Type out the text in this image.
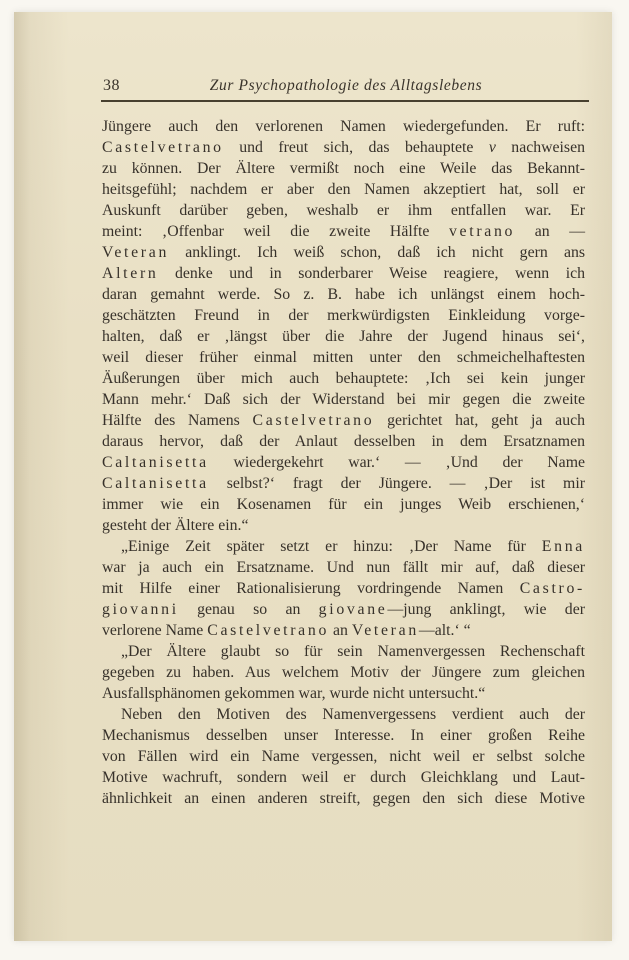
38	Zur Psychopathologie des Alltagslebens
Jüngere auch den verlorenen Namen wiedergefunden. Er ruft:
Castelvetrano und freut sich, das behauptete v nachweisen
zu können. Der Ältere vermißt noch eine Weile das Bekannt-
heitsgefühl; nachdem er aber den Namen akzeptiert hat, soll er
Auskunft darüber geben, weshalb er ihm entfallen war. Er
meint: ‚Offenbar weil die zweite Hälfte vetrano an —
Veteran anklingt. Ich weiß schon, daß ich nicht gern ans
Altern denke und in sonderbarer Weise reagiere, wenn ich
daran gemahnt werde. So z. B. habe ich unlängst einem hoch-
geschätzten Freund in der merkwürdigsten Einkleidung vorge-
halten, daß er ‚längst über die Jahre der Jugend hinaus sei‘,
weil dieser früher einmal mitten unter den schmeichelhaftesten
Äußerungen über mich auch behauptete: ‚Ich sei kein junger
Mann mehr.‘ Daß sich der Widerstand bei mir gegen die zweite
Hälfte des Namens Castelvetrano gerichtet hat, geht ja auch
daraus hervor, daß der Anlaut desselben in dem Ersatznamen
Caltanisetta wiedergekehrt war.‘ — ‚Und der Name
Caltanisetta selbst?‘ fragt der Jüngere. — ‚Der ist mir
immer wie ein Kosenamen für ein junges Weib erschienen,‘
gesteht der Ältere ein.“
„Einige Zeit später setzt er hinzu: ‚Der Name für Enna
war ja auch ein Ersatzname. Und nun fällt mir auf, daß dieser
mit Hilfe einer Rationalisierung vordringende Namen Castro-
giovanni genau so an giovane—jung anklingt, wie der
verlorene Name Castelvetrano an Veteran—alt.‘ “
„Der Ältere glaubt so für sein Namenvergessen Rechenschaft
gegeben zu haben. Aus welchem Motiv der Jüngere zum gleichen
Ausfallsphänomen gekommen war, wurde nicht untersucht.“
Neben den Motiven des Namenvergessens verdient auch der
Mechanismus desselben unser Interesse. In einer großen Reihe
von Fällen wird ein Name vergessen, nicht weil er selbst solche
Motive wachruft, sondern weil er durch Gleichklang und Laut-
ähnlichkeit an einen anderen streift, gegen den sich diese Motive
